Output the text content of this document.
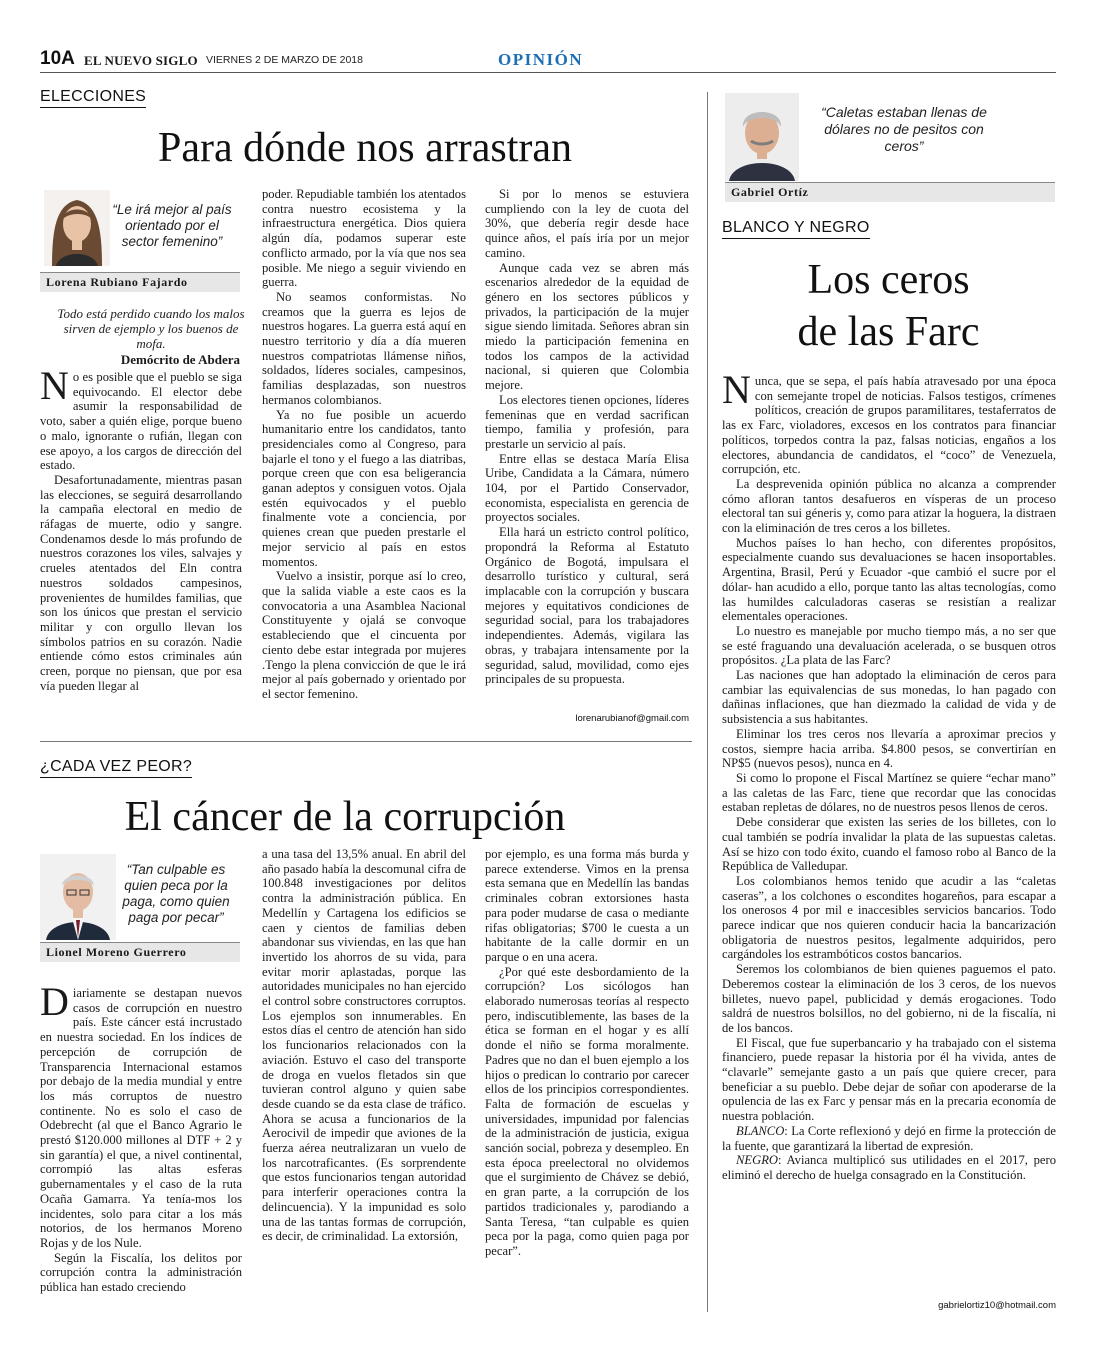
10A EL NUEVO SIGLO VIERNES 2 DE MARZO DE 2018	OPINIÓN
ELECCIONES
Para dónde nos arrastran
“Le irá mejor al país orientado por el sector femenino”
Lorena Rubiano Fajardo
Todo está perdido cuando los malos sirven de ejemplo y los buenos de mofa.
Demócrito de Abdera

No es posible que el pueblo se siga equivocando. El elector debe asumir la responsabilidad de voto, saber a quién elige, porque bueno o malo, ignorante o rufián, llegan con ese apoyo, a los cargos de dirección del estado.

Desafortunadamente, mientras pasan las elecciones, se seguirá desarrollando la campaña electoral en medio de ráfagas de muerte, odio y sangre. Condenamos desde lo más profundo de nuestros corazones los viles, salvajes y crueles atentados del Eln contra nuestros soldados campesinos, provenientes de humildes familias, que son los únicos que prestan el servicio militar y con orgullo llevan los símbolos patrios en su corazón. Nadie entiende cómo estos criminales aún creen, porque no piensan, que por esa vía pueden llegar al

poder. Repudiable también los atentados contra nuestro ecosistema y la infraestructura energética. Dios quiera algún día, podamos superar este conflicto armado, por la vía que nos sea posible. Me niego a seguir viviendo en guerra.

No seamos conformistas. No creamos que la guerra es lejos de nuestros hogares. La guerra está aquí en nuestro territorio y día a día mueren nuestros compatriotas llámense niños, soldados, líderes sociales, campesinos, familias desplazadas, son nuestros hermanos colombianos.

Ya no fue posible un acuerdo humanitario entre los candidatos, tanto presidenciales como al Congreso, para bajarle el tono y el fuego a las diatribas, porque creen que con esa beligerancia ganan adeptos y consiguen votos. Ojala estén equivocados y el pueblo finalmente vote a conciencia, por quienes crean que pueden prestarle el mejor servicio al país en estos momentos.

Vuelvo a insistir, porque así lo creo, que la salida viable a este caos es la convocatoria a una Asamblea Nacional Constituyente y ojalá se convoque estableciendo que el cincuenta por ciento debe estar integrada por mujeres .Tengo la plena convicción de que le irá mejor al país gobernado y orientado por el sector femenino.

Si por lo menos se estuviera cumpliendo con la ley de cuota del 30%, que debería regir desde hace quince años, el país iría por un mejor camino.

Aunque cada vez se abren más escenarios alrededor de la equidad de género en los sectores públicos y privados, la participación de la mujer sigue siendo limitada. Señores abran sin miedo la participación femenina en todos los campos de la actividad nacional, si quieren que Colombia mejore.

Los electores tienen opciones, líderes femeninas que en verdad sacrifican tiempo, familia y profesión, para prestarle un servicio al país.

Entre ellas se destaca María Elisa Uribe, Candidata a la Cámara, número 104, por el Partido Conservador, economista, especialista en gerencia de proyectos sociales.

Ella hará un estricto control político, propondrá la Reforma al Estatuto Orgánico de Bogotá, impulsara el desarrollo turístico y cultural, será implacable con la corrupción y buscara mejores y equitativos condiciones de seguridad social, para los trabajadores independientes. Además, vigilara las obras, y trabajara intensamente por la seguridad, salud, movilidad, como ejes principales de su propuesta.

lorenarubianof@gmail.com
¿CADA VEZ PEOR?
El cáncer de la corrupción
“Tan culpable es quien peca por la paga, como quien paga por pecar”
Lionel Moreno Guerrero

Diariamente se destapan nuevos casos de corrupción en nuestro país. Este cáncer está incrustado en nuestra sociedad. En los índices de percepción de corrupción de Transparencia Internacional estamos por debajo de la media mundial y entre los más corruptos de nuestro continente. No es solo el caso de Odebrecht (al que el Banco Agrario le prestó $120.000 millones al DTF + 2 y sin garantía) el que, a nivel continental, corrompió las altas esferas gubernamentales y el caso de la ruta Ocaña Gamarra. Ya tenía-mos los incidentes, solo para citar a los más notorios, de los hermanos Moreno Rojas y de los Nule.

Según la Fiscalía, los delitos por corrupción contra la administración pública han estado creciendo

a una tasa del 13,5% anual. En abril del año pasado había la descomunal cifra de 100.848 investigaciones por delitos contra la administración pública. En Medellín y Cartagena los edificios se caen y cientos de familias deben abandonar sus viviendas, en las que han invertido los ahorros de su vida, para evitar morir aplastadas, porque las autoridades municipales no han ejercido el control sobre constructores corruptos. Los ejemplos son innumerables. En estos días el centro de atención han sido los funcionarios relacionados con la aviación. Estuvo el caso del transporte de droga en vuelos fletados sin que tuvieran control alguno y quien sabe desde cuando se da esta clase de tráfico. Ahora se acusa a funcionarios de la Aerocivil de impedir que aviones de la fuerza aérea neutralizaran un vuelo de los narcotraficantes. (Es sorprendente que estos funcionarios tengan autoridad para interferir operaciones contra la delincuencia). Y la impunidad es solo una de las tantas formas de corrupción, es decir, de criminalidad. La extorsión,

por ejemplo, es una forma más burda y parece extenderse. Vimos en la prensa esta semana que en Medellín las bandas criminales cobran extorsiones hasta para poder mudarse de casa o mediante rifas obligatorias; $700 le cuesta a un habitante de la calle dormir en un parque o en una acera.

¿Por qué este desbordamiento de la corrupción? Los sicólogos han elaborado numerosas teorías al respecto pero, indiscutiblemente, las bases de la ética se forman en el hogar y es allí donde el niño se forma moralmente. Padres que no dan el buen ejemplo a los hijos o predican lo contrario por carecer ellos de los principios correspondientes. Falta de formación de escuelas y universidades, impunidad por falencias de la administración de justicia, exigua sanción social, pobreza y desempleo. En esta época preelectoral no olvidemos que el surgimiento de Chávez se debió, en gran parte, a la corrupción de los partidos tradicionales y, parodiando a Santa Teresa, “tan culpable es quien peca por la paga, como quien paga por pecar”.

“Caletas estaban llenas de dólares no de pesitos con ceros”
Gabriel Ortíz
BLANCO Y NEGRO
Los ceros
de las Farc

Nunca, que se sepa, el país había atravesado por una época con semejante tropel de noticias. Falsos testigos, crímenes políticos, creación de grupos paramilitares, testaferratos de las ex Farc, violadores, excesos en los contratos para financiar políticos, torpedos contra la paz, falsas noticias, engaños a los electores, abundancia de candidatos, el “coco” de Venezuela, corrupción, etc.

La desprevenida opinión pública no alcanza a comprender cómo afloran tantos desafueros en vísperas de un proceso electoral tan sui géneris y, como para atizar la hoguera, la distraen con la eliminación de tres ceros a los billetes.

Muchos países lo han hecho, con diferentes propósitos, especialmente cuando sus devaluaciones se hacen insoportables. Argentina, Brasil, Perú y Ecuador -que cambió el sucre por el dólar- han acudido a ello, porque tanto las altas tecnologías, como las humildes calculadoras caseras se resistían a realizar elementales operaciones.

Lo nuestro es manejable por mucho tiempo más, a no ser que se esté fraguando una devaluación acelerada, o se busquen otros propósitos. ¿La plata de las Farc?

Las naciones que han adoptado la eliminación de ceros para cambiar las equivalencias de sus monedas, lo han pagado con dañinas inflaciones, que han diezmado la calidad de vida y de subsistencia a sus habitantes.

Eliminar los tres ceros nos llevaría a aproximar precios y costos, siempre hacia arriba. $4.800 pesos, se convertirían en NP$5 (nuevos pesos), nunca en 4.

Si como lo propone el Fiscal Martínez se quiere “echar mano” a las caletas de las Farc, tiene que recordar que las conocidas estaban repletas de dólares, no de nuestros pesos llenos de ceros.

Debe considerar que existen las series de los billetes, con lo cual también se podría invalidar la plata de las supuestas caletas. Así se hizo con todo éxito, cuando el famoso robo al Banco de la República de Valledupar.

Los colombianos hemos tenido que acudir a las “caletas caseras”, a los colchones o escondites hogareños, para escapar a los onerosos 4 por mil e inaccesibles servicios bancarios. Todo parece indicar que nos quieren conducir hacia la bancarización obligatoria de nuestros pesitos, legalmente adquiridos, pero cargándoles los estrambóticos costos bancarios.

Seremos los colombianos de bien quienes paguemos el pato. Deberemos costear la eliminación de los 3 ceros, de los nuevos billetes, nuevo papel, publicidad y demás erogaciones. Todo saldrá de nuestros bolsillos, no del gobierno, ni de la fiscalía, ni de los bancos.

El Fiscal, que fue superbancario y ha trabajado con el sistema financiero, puede repasar la historia por él ha vivida, antes de “clavarle” semejante gasto a un país que quiere crecer, para beneficiar a su pueblo. Debe dejar de soñar con apoderarse de la opulencia de las ex Farc y pensar más en la precaria economía de nuestra población.

BLANCO: La Corte reflexionó y dejó en firme la protección de la fuente, que garantizará la libertad de expresión.

NEGRO: Avianca multiplicó sus utilidades en el 2017, pero eliminó el derecho de huelga consagrado en la Constitución.

gabrielortiz10@hotmail.com
